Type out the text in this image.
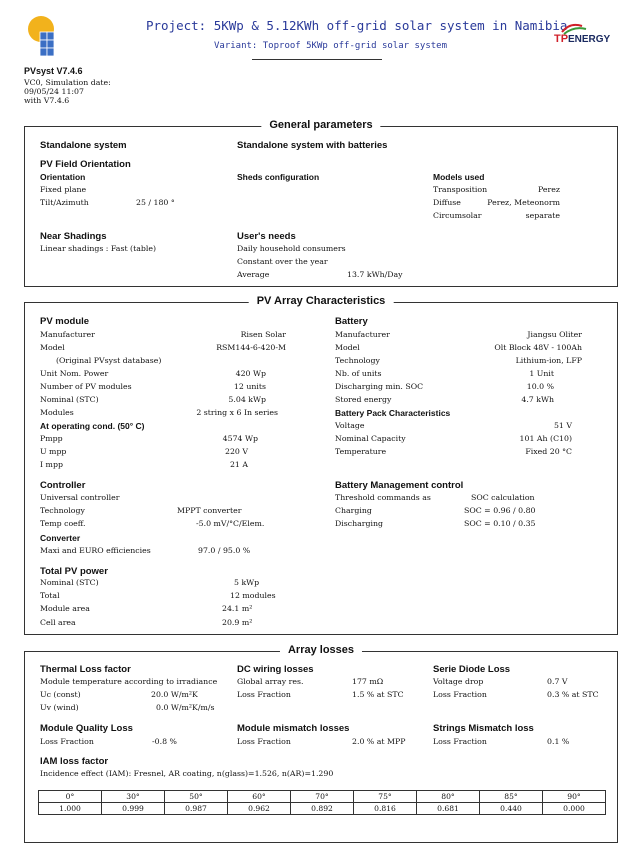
Project: 5KWp & 5.12KWh off-grid solar system in Namibia
Variant: Toproof 5KWp off-grid solar system
TP ENERGY
PVsyst V7.4.6
VC0, Simulation date:
09/05/24 11:07
with V7.4.6
General parameters
Standalone system	Standalone system with batteries
PV Field Orientation
Orientation
Fixed plane
Tilt/Azimuth	25 / 180 °
Sheds configuration	Models used
Transposition	Perez
Diffuse	Perez, Meteonorm
Circumsolar	separate
Near Shadings
Linear shadings : Fast (table)
User's needs
Daily household consumers
Constant over the year
Average	13.7 kWh/Day
PV Array Characteristics
PV module
Manufacturer	Risen Solar
Model	RSM144-6-420-M
(Original PVsyst database)
Unit Nom. Power	420 Wp
Number of PV modules	12 units
Nominal (STC)	5.04 kWp
Modules	2 string x 6 In series
At operating cond. (50° C)
Pmpp	4574 Wp
U mpp	220 V
I mpp	21 A
Battery
Manufacturer	Jiangsu Oliter
Model	Olt Block 48V - 100Ah
Technology	Lithium-ion, LFP
Nb. of units	1 Unit
Discharging min. SOC	10.0 %
Stored energy	4.7 kWh
Battery Pack Characteristics
Voltage	51 V
Nominal Capacity	101 Ah (C10)
Temperature	Fixed 20 °C
Controller
Universal controller
Technology	MPPT converter
Temp coeff.	-5.0 mV/°C/Elem.
Converter
Maxi and EURO efficiencies	97.0 / 95.0 %
Battery Management control
Threshold commands as	SOC calculation
Charging	SOC = 0.96 / 0.80
Discharging	SOC = 0.10 / 0.35
Total PV power
Nominal (STC)	5 kWp
Total	12 modules
Module area	24.1 m²
Cell area	20.9 m²
Array losses
Thermal Loss factor
Module temperature according to irradiance
Uc (const)	20.0 W/m²K
Uv (wind)	0.0 W/m²K/m/s
DC wiring losses
Global array res.	177 mΩ
Loss Fraction	1.5 % at STC
Serie Diode Loss
Voltage drop	0.7 V
Loss Fraction	0.3 % at STC
Module Quality Loss
Loss Fraction	-0.8 %
Module mismatch losses
Loss Fraction	2.0 % at MPP
Strings Mismatch loss
Loss Fraction	0.1 %
IAM loss factor
Incidence effect (IAM): Fresnel, AR coating, n(glass)=1.526, n(AR)=1.290
0°	30°	50°	60°	70°	75°	80°	85°	90°
1.000	0.999	0.987	0.962	0.892	0.816	0.681	0.440	0.000
